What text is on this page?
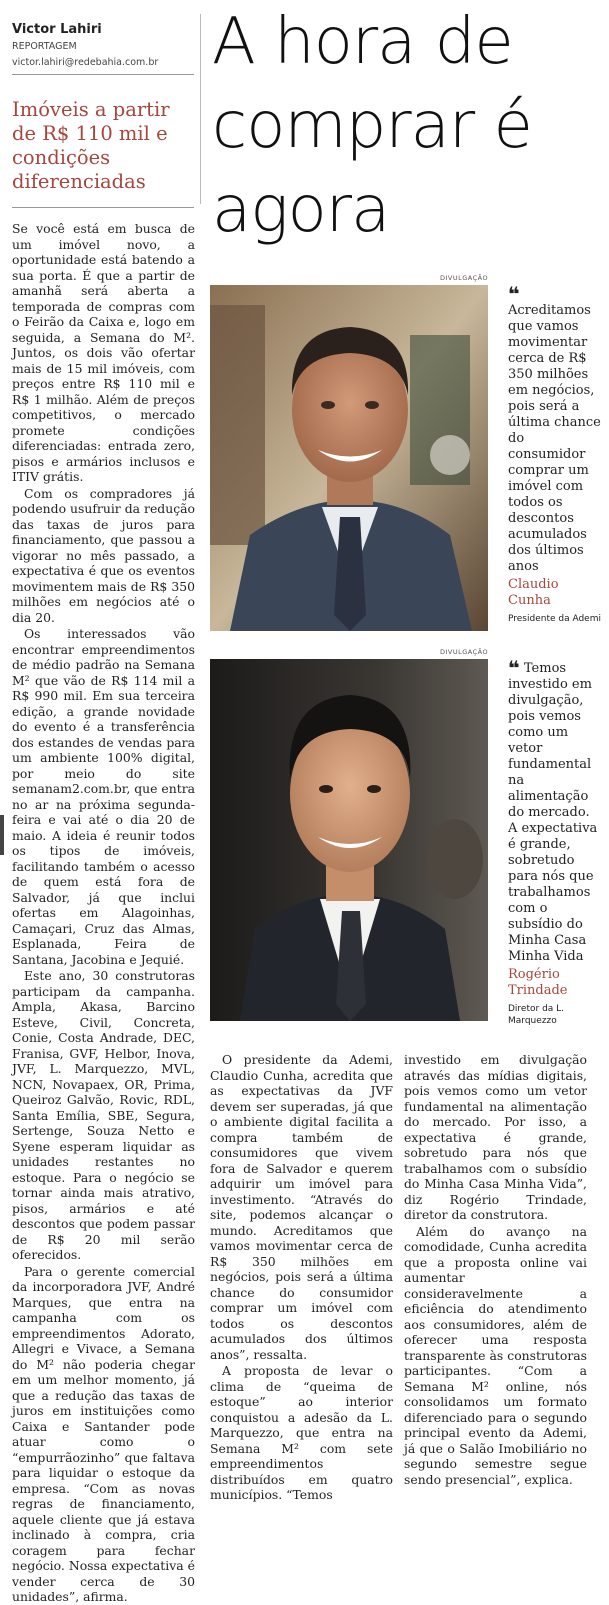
Victor Lahiri
REPORTAGEM
victor.lahiri@redebahia.com.br
Imóveis a partir de R$ 110 mil e condições diferenciadas
A hora de comprar é agora

Se você está em busca de um imóvel novo, a oportunidade está batendo a sua porta. É que a partir de amanhã será aberta a temporada de compras com o Feirão da Caixa e, logo em seguida, a Semana do M². Juntos, os dois vão ofertar mais de 15 mil imóveis, com preços entre R$ 110 mil e R$ 1 milhão. Além de preços competitivos, o mercado promete condições diferenciadas: entrada zero, pisos e armários inclusos e ITIV grátis.

Com os compradores já podendo usufruir da redução das taxas de juros para financiamento, que passou a vigorar no mês passado, a expectativa é que os eventos movimentem mais de R$ 350 milhões em negócios até o dia 20.

Os interessados vão encontrar empreendimentos de médio padrão na Semana M² que vão de R$ 114 mil a R$ 990 mil. Em sua terceira edição, a grande novidade do evento é a transferência dos estandes de vendas para um ambiente 100% digital, por meio do site semanam2.com.br, que entra no ar na próxima segunda-feira e vai até o dia 20 de maio. A ideia é reunir todos os tipos de imóveis, facilitando também o acesso de quem está fora de Salvador, já que inclui ofertas em Alagoinhas, Camaçari, Cruz das Almas, Esplanada, Feira de Santana, Jacobina e Jequié.

Este ano, 30 construtoras participam da campanha. Ampla, Akasa, Barcino Esteve, Civil, Concreta, Conie, Costa Andrade, DEC, Franisa, GVF, Helbor, Inova, JVF, L. Marquezzo, MVL, NCN, Novapaex, OR, Prima, Queiroz Galvão, Rovic, RDL, Santa Emília, SBE, Segura, Sertenge, Souza Netto e Syene esperam liquidar as unidades restantes no estoque. Para o negócio se tornar ainda mais atrativo, pisos, armários e até descontos que podem passar de R$ 20 mil serão oferecidos.

Para o gerente comercial da incorporadora JVF, André Marques, que entra na campanha com os empreendimentos Adorato, Allegri e Vivace, a Semana do M² não poderia chegar em um melhor momento, já que a redução das taxas de juros em instituições como Caixa e Santander pode atuar como o “empurrãozinho” que faltava para liquidar o estoque da empresa. “Com as novas regras de financiamento, aquele cliente que já estava inclinado à compra, cria coragem para fechar negócio. Nossa expectativa é vender cerca de 30 unidades”, afirma.

DIVULGAÇÃO
❝ Acreditamos que vamos movimentar cerca de R$ 350 milhões em negócios, pois será a última chance do consumidor comprar um imóvel com todos os descontos acumulados dos últimos anos
Claudio Cunha
Presidente da Ademi
DIVULGAÇÃO
❝ Temos investido em divulgação, pois vemos como um vetor fundamental na alimentação do mercado. A expectativa é grande, sobretudo para nós que trabalhamos com o subsídio do Minha Casa Minha Vida
Rogério Trindade
Diretor da L. Marquezzo

O presidente da Ademi, Claudio Cunha, acredita que as expectativas da JVF devem ser superadas, já que o ambiente digital facilita a compra também de consumidores que vivem fora de Salvador e querem adquirir um imóvel para investimento. “Através do site, podemos alcançar o mundo. Acreditamos que vamos movimentar cerca de R$ 350 milhões em negócios, pois será a última chance do consumidor comprar um imóvel com todos os descontos acumulados dos últimos anos”, ressalta.

A proposta de levar o clima de “queima de estoque” ao interior conquistou a adesão da L. Marquezzo, que entra na Semana M² com sete empreendimentos distribuídos em quatro municípios. “Temos

investido em divulgação através das mídias digitais, pois vemos como um vetor fundamental na alimentação do mercado. Por isso, a expectativa é grande, sobretudo para nós que trabalhamos com o subsídio do Minha Casa Minha Vida”, diz Rogério Trindade, diretor da construtora.

Além do avanço na comodidade, Cunha acredita que a proposta online vai aumentar consideravelmente a eficiência do atendimento aos consumidores, além de oferecer uma resposta transparente às construtoras participantes. “Com a Semana M² online, nós consolidamos um formato diferenciado para o segundo principal evento da Ademi, já que o Salão Imobiliário no segundo semestre segue sendo presencial”, explica.
